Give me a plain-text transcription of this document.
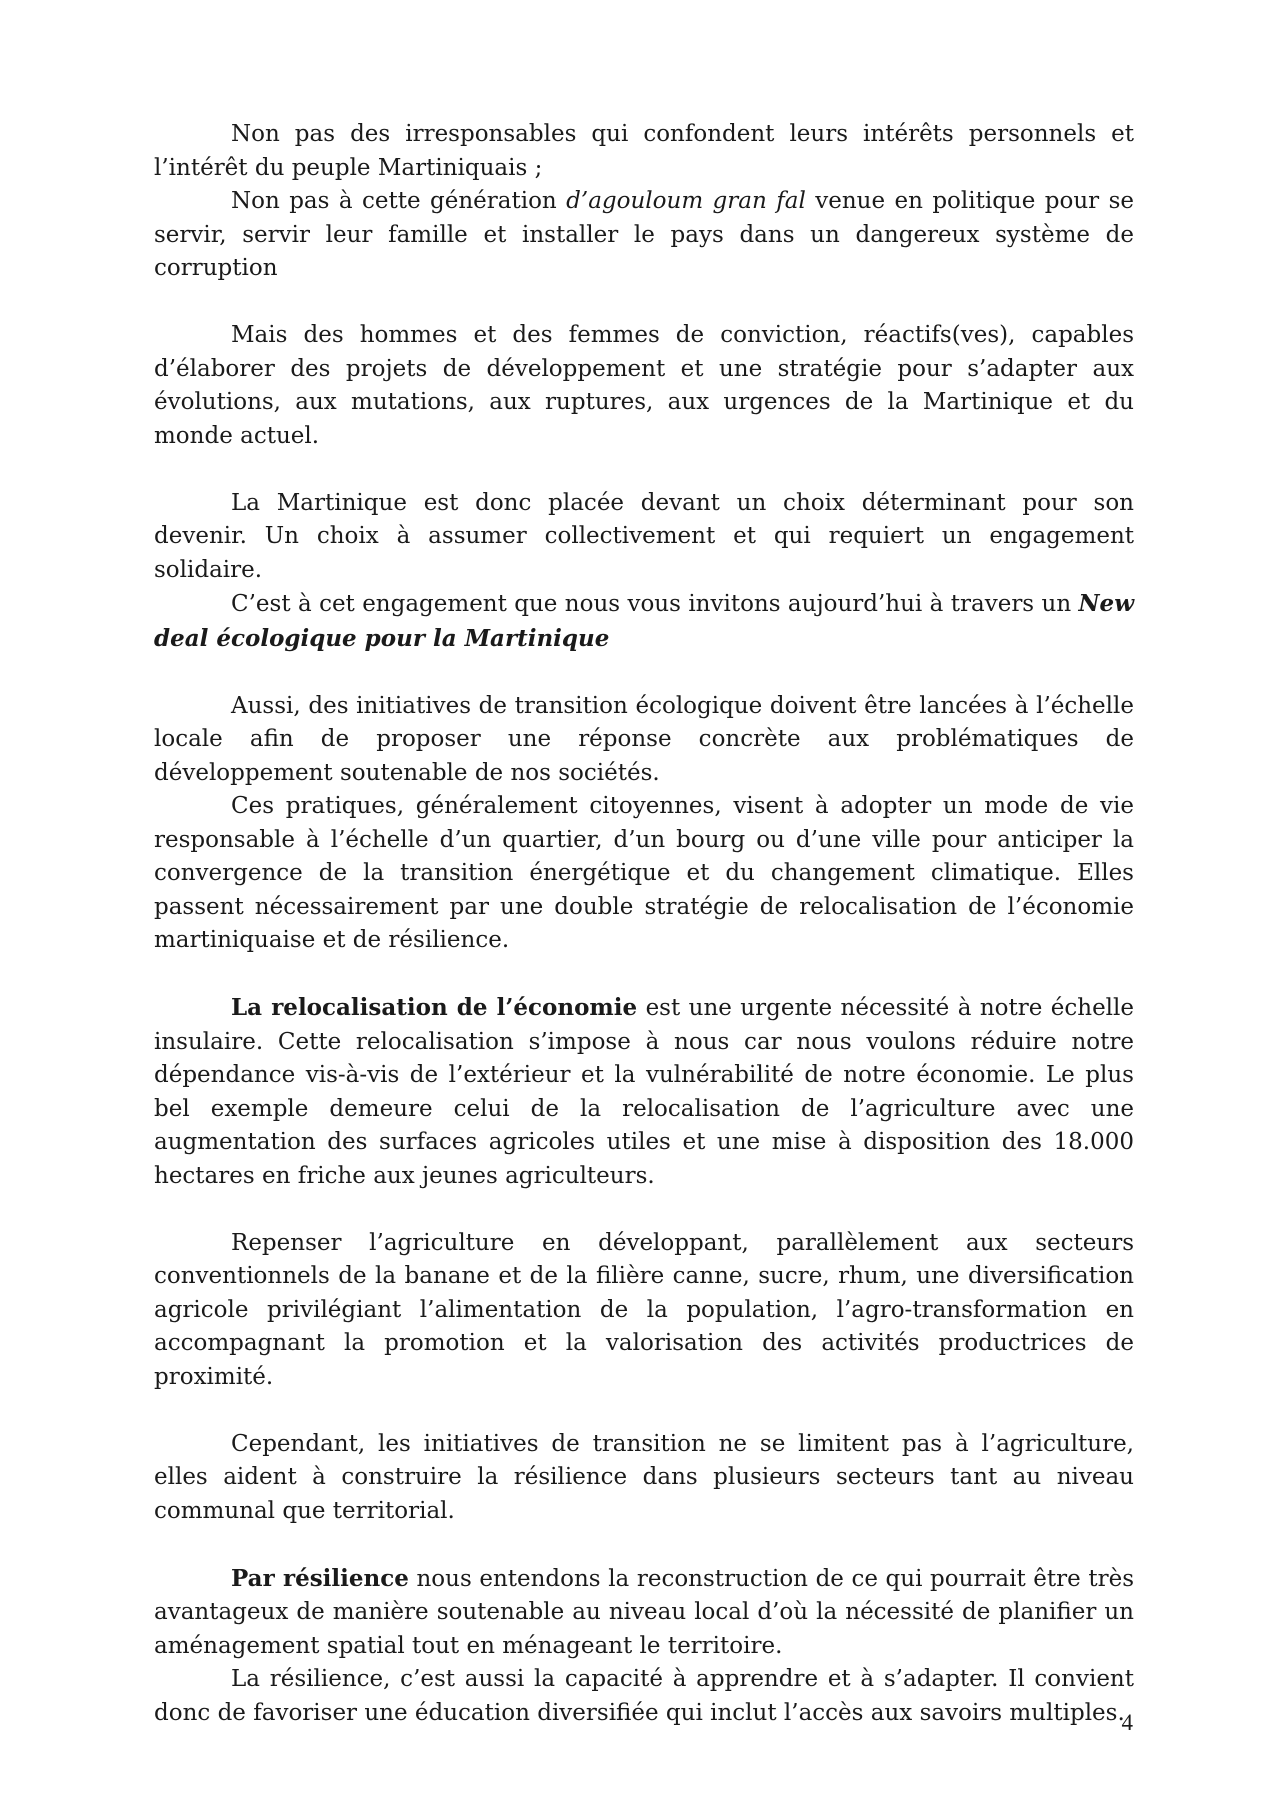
Non pas des irresponsables qui confondent leurs intérêts personnels et l’intérêt du peuple Martiniquais ;

Non pas à cette génération d’agouloum gran fal venue en politique pour se servir, servir leur famille et installer le pays dans un dangereux système de corruption

Mais des hommes et des femmes de conviction, réactifs(ves), capables d’élaborer des projets de développement et une stratégie pour s’adapter aux évolutions, aux mutations, aux ruptures, aux urgences de la Martinique et du monde actuel.

La Martinique est donc placée devant un choix déterminant pour son devenir. Un choix à assumer collectivement et qui requiert un engagement solidaire.

C’est à cet engagement que nous vous invitons aujourd’hui à travers un New deal écologique pour la Martinique

Aussi, des initiatives de transition écologique doivent être lancées à l’échelle locale afin de proposer une réponse concrète aux problématiques de développement soutenable de nos sociétés.

Ces pratiques, généralement citoyennes, visent à adopter un mode de vie responsable à l’échelle d’un quartier, d’un bourg ou d’une ville pour anticiper la convergence de la transition énergétique et du changement climatique. Elles passent nécessairement par une double stratégie de relocalisation de l’économie martiniquaise et de résilience.

La relocalisation de l’économie est une urgente nécessité à notre échelle insulaire. Cette relocalisation s’impose à nous car nous voulons réduire notre dépendance vis-à-vis de l’extérieur et la vulnérabilité de notre économie. Le plus bel exemple demeure celui de la relocalisation de l’agriculture avec une augmentation des surfaces agricoles utiles et une mise à disposition des 18.000 hectares en friche aux jeunes agriculteurs.

Repenser l’agriculture en développant, parallèlement aux secteurs conventionnels de la banane et de la filière canne, sucre, rhum, une diversification agricole privilégiant l’alimentation de la population, l’agro-transformation en accompagnant la promotion et la valorisation des activités productrices de proximité.

Cependant, les initiatives de transition ne se limitent pas à l’agriculture, elles aident à construire la résilience dans plusieurs secteurs tant au niveau communal que territorial.

Par résilience nous entendons la reconstruction de ce qui pourrait être très avantageux de manière soutenable au niveau local d’où la nécessité de planifier un aménagement spatial tout en ménageant le territoire.

La résilience, c’est aussi la capacité à apprendre et à s’adapter. Il convient donc de favoriser une éducation diversifiée qui inclut l’accès aux savoirs multiples.

4
